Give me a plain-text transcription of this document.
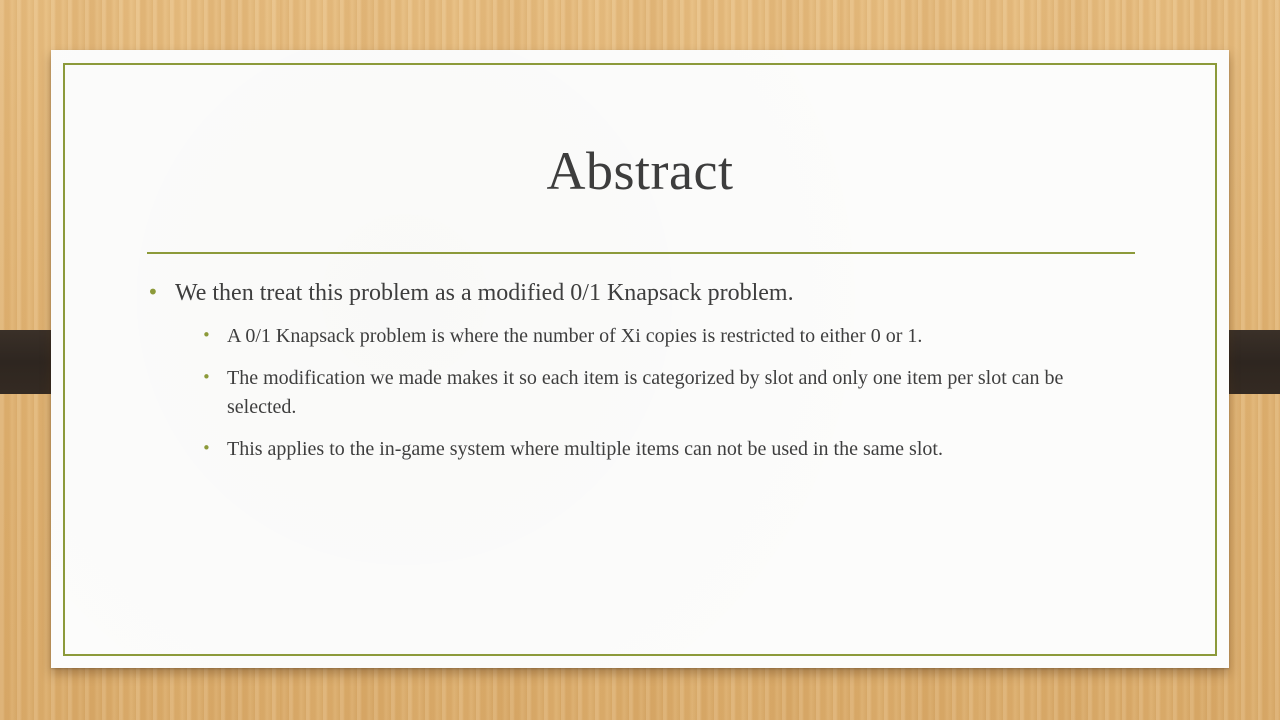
Abstract
• We then treat this problem as a modified 0/1 Knapsack problem.
• A 0/1 Knapsack problem is where the number of Xi copies is restricted to either 0 or 1.
• The modification we made makes it so each item is categorized by slot and only one item per slot can be selected.
• This applies to the in-game system where multiple items can not be used in the same slot.
